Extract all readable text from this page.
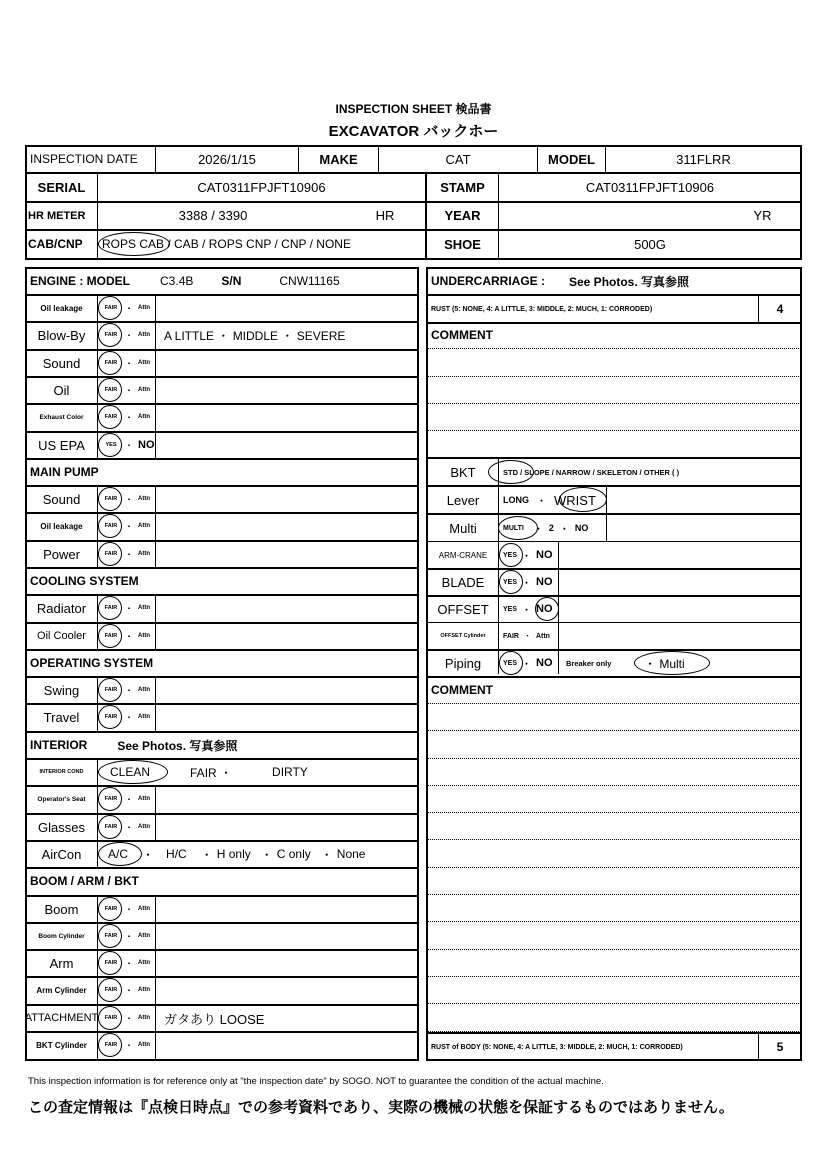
INSPECTION SHEET 検品書
EXCAVATOR バックホー
INSPECTION DATE	2026/1/15	MAKE	CAT	MODEL	311FLRR
SERIAL	CAT0311FPJFT10906	STAMP	CAT0311FPJFT10906
HR METER	3388 / 3390	HR	YEAR	YR
CAB/CNP	ROPS CAB / CAB / ROPS CNP / CNP / NONE	SHOE	500G
ENGINE : MODEL	C3.4B S/N	CNW11165
Oil leakage	FAIR ・ Attn
Blow-By	FAIR ・ Attn	A LITTLE ・ MIDDLE ・ SEVERE
Sound	FAIR ・ Attn
Oil	FAIR ・ Attn
Exhaust Color	FAIR ・ Attn
US EPA	YES	・ NO
MAIN PUMP
Sound	FAIR ・ Attn
Oil leakage	FAIR ・ Attn
Power	FAIR ・ Attn
COOLING SYSTEM
Radiator	FAIR ・ Attn
Oil Cooler	FAIR ・ Attn
OPERATING SYSTEM
Swing	FAIR ・ Attn
Travel	FAIR ・ Attn
INTERIOR	See Photos. 写真参照
INTERIOR COND	CLEAN	FAIR ・	DIRTY
Operator's Seat	FAIR ・ Attn
Glasses	FAIR ・ Attn
AirCon	A/C ・ H/C ・ H only ・ C only ・ None
BOOM / ARM / BKT
Boom	FAIR ・ Attn
Boom Cylinder	FAIR ・ Attn
Arm	FAIR ・ Attn
Arm Cylinder	FAIR ・ Attn
ATTACHMENT	FAIR ・ Attn	ガタあり LOOSE
BKT Cylinder	FAIR ・ Attn
UNDERCARRIAGE : See Photos. 写真参照
RUST (5: NONE, 4: A LITTLE, 3: MIDDLE, 2: MUCH, 1: CORRODED)	4
COMMENT
BKT	STD / SLOPE / NARROW / SKELETON / OTHER ( )
Lever	LONG ・ WRIST
Multi	MULTI ・ 2 ・ NO
ARM-CRANE	YES ・ NO
BLADE	YES ・ NO
OFFSET	YES ・ NO
OFFSET Cylinder	FAIR ・ Attn
Piping	YES ・ NO Breaker only	・ Multi
COMMENT
RUST of BODY (5: NONE, 4: A LITTLE, 3: MIDDLE, 2: MUCH, 1: CORRODED)	5
This inspection information is for reference only at "the inspection date" by SOGO. NOT to guarantee the condition of the actual machine.
この査定情報は『点検日時点』での参考資料であり、実際の機械の状態を保証するものではありません。
